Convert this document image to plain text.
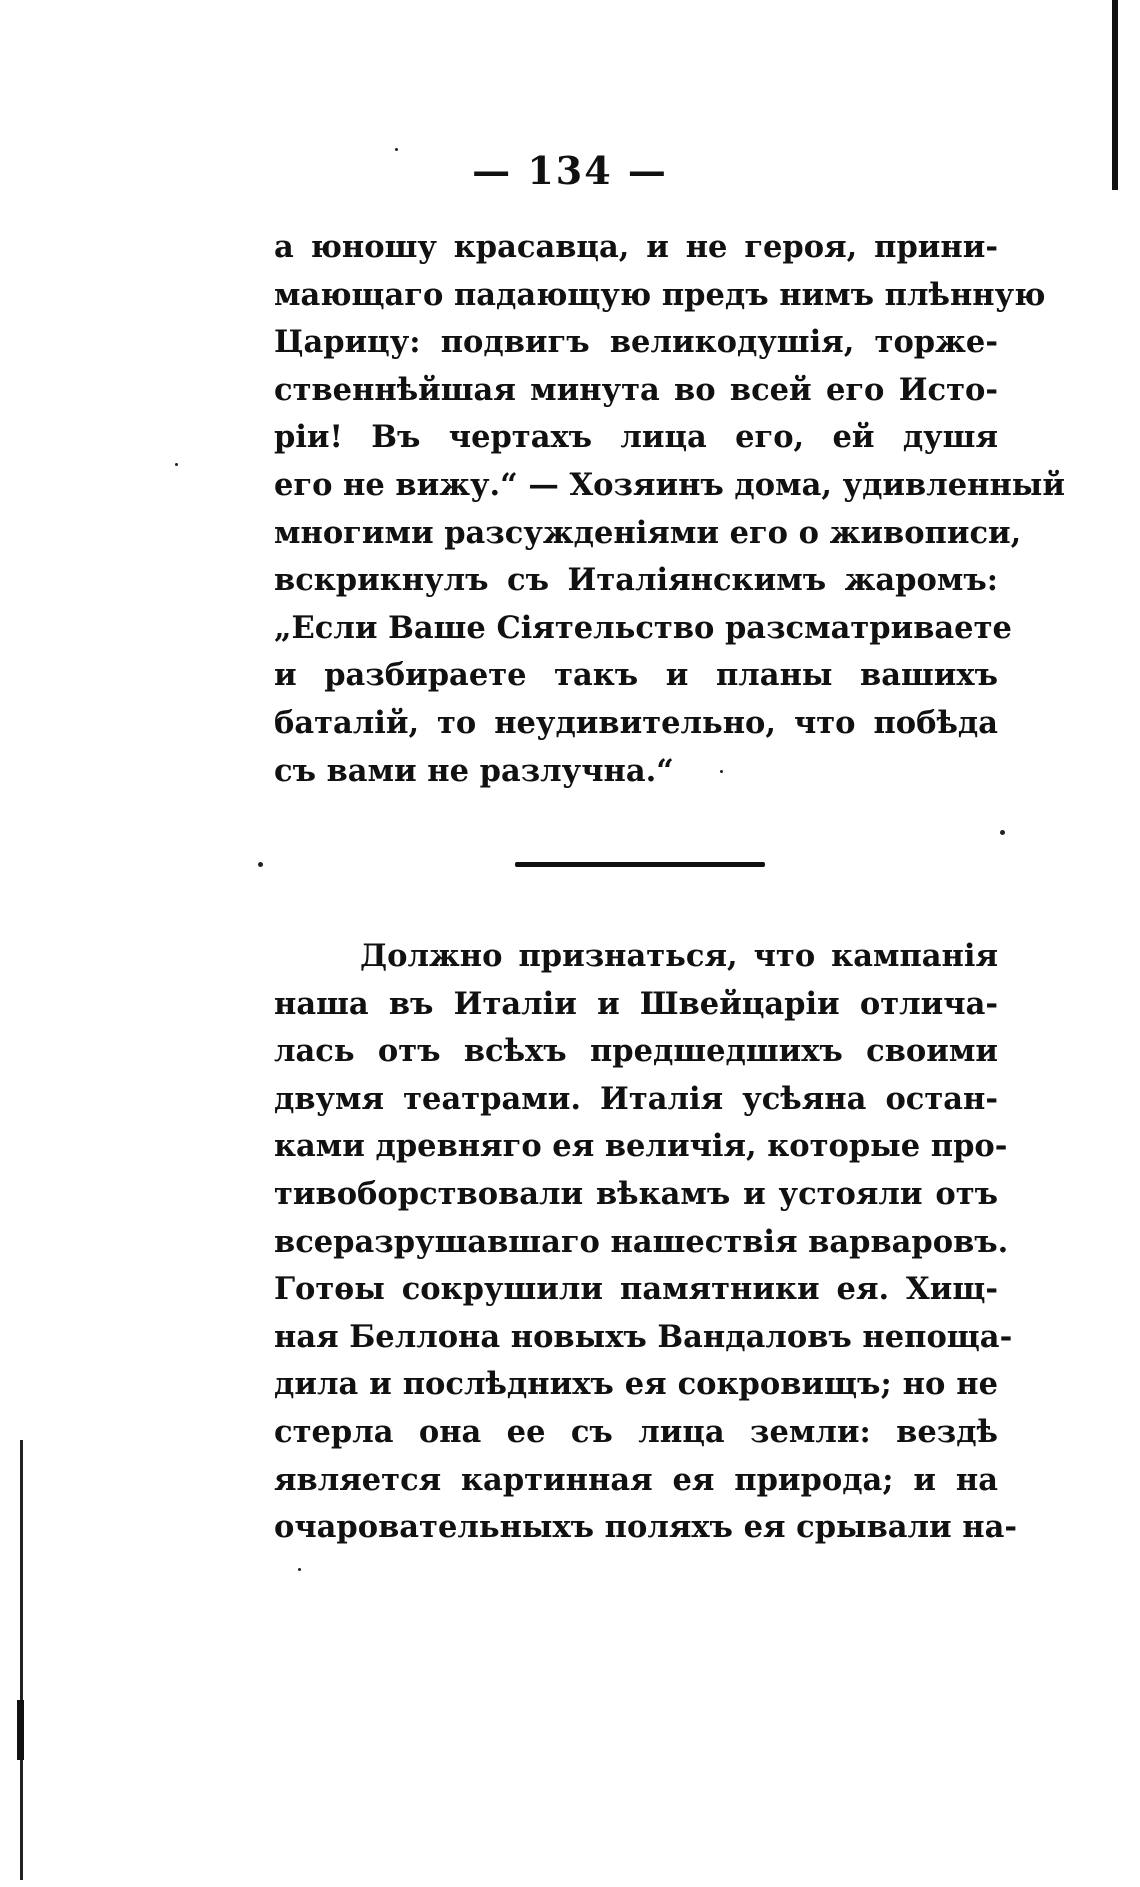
— 134 —
а юношу красавца, и не героя, прини-
мающаго падающую предъ нимъ плѣнную
Царицу: подвигъ великодушія, торже-
ственнѣйшая минута во всей его Исто-
ріи! Въ чертахъ лица его, ей душя
его не вижу.“ — Хозяинъ дома, удивленный
многими разсужденіями его о живописи,
вскрикнулъ съ Италіянскимъ жаромъ:
„Если Ваше Сіятельство разсматриваете
и разбираете такъ и планы вашихъ
баталій, то неудивительно, что побѣда
съ вами не разлучна.“
Должно признаться, что кампанія
наша въ Италіи и Швейцаріи отлича-
лась отъ всѣхъ предшедшихъ своими
двумя театрами. Италія усѣяна остан-
ками древняго ея величія, которые про-
тивоборствовали вѣкамъ и устояли отъ
всеразрушавшаго нашествія варваровъ.
Готѳы сокрушили памятники ея. Хищ-
ная Беллона новыхъ Вандаловъ непоща-
дила и послѣднихъ ея сокровищъ; но не
стерла она ее съ лица земли: вездѣ
является картинная ея природа; и на
очаровательныхъ поляхъ ея срывали на-
